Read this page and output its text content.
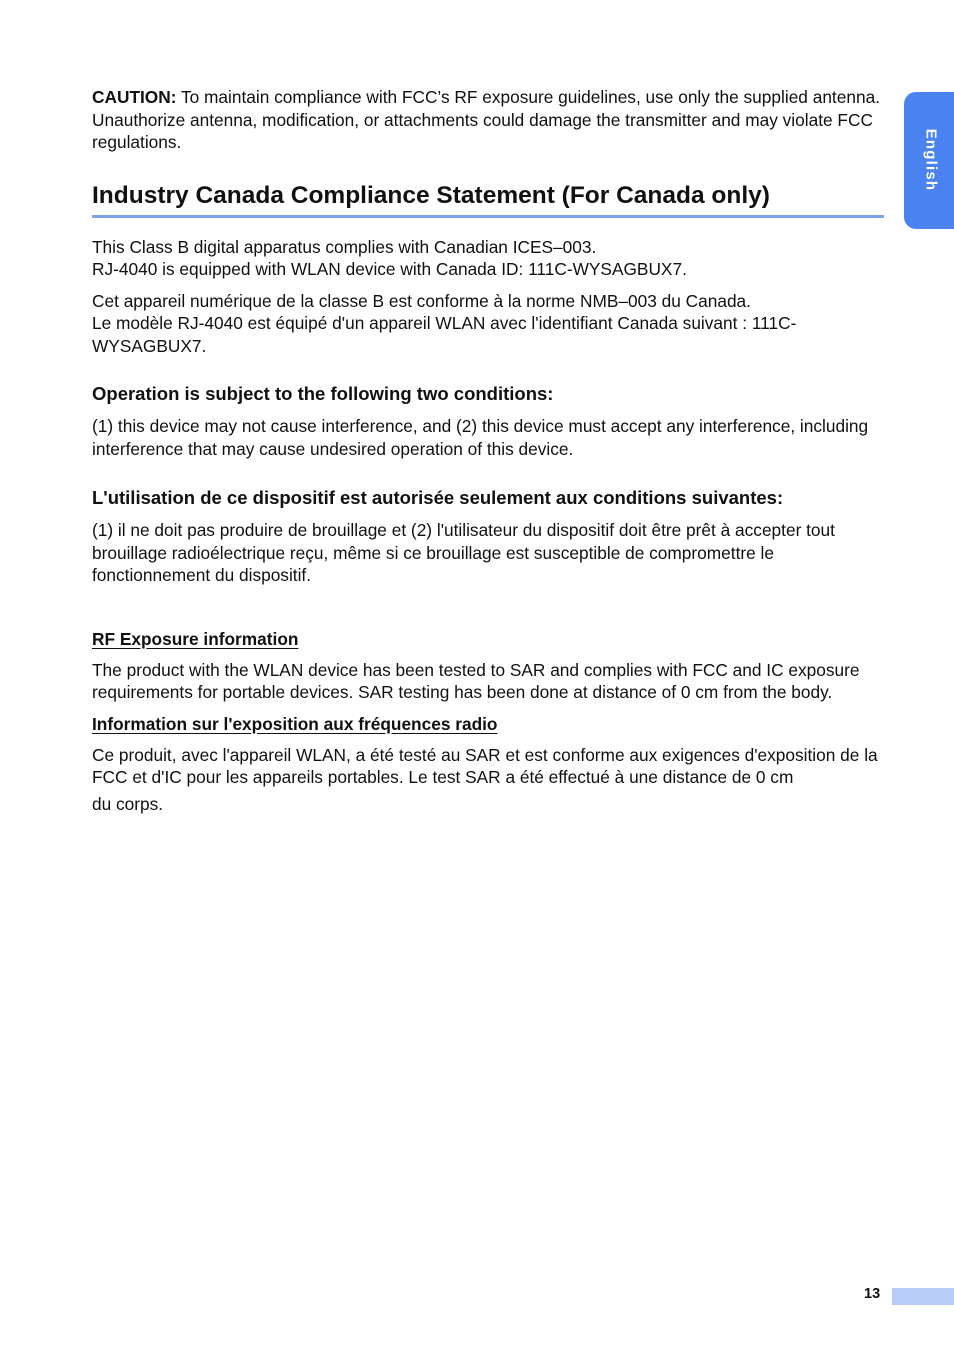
CAUTION: To maintain compliance with FCC’s RF exposure guidelines, use only the supplied antenna. Unauthorize antenna, modification, or attachments could damage the transmitter and may violate FCC regulations.

Industry Canada Compliance Statement (For Canada only)

This Class B digital apparatus complies with Canadian ICES–003.
RJ-4040 is equipped with WLAN device with Canada ID: 111C-WYSAGBUX7.

Cet appareil numérique de la classe B est conforme à la norme NMB–003 du Canada.
Le modèle RJ-4040 est équipé d'un appareil WLAN avec l'identifiant Canada suivant : 111C-WYSAGBUX7.

Operation is subject to the following two conditions:

(1) this device may not cause interference, and (2) this device must accept any interference, including interference that may cause undesired operation of this device.

L'utilisation de ce dispositif est autorisée seulement aux conditions suivantes:

(1) il ne doit pas produire de brouillage et (2) l'utilisateur du dispositif doit être prêt à accepter tout brouillage radioélectrique reçu, même si ce brouillage est susceptible de compromettre le fonctionnement du dispositif.

RF Exposure information

The product with the WLAN device has been tested to SAR and complies with FCC and IC exposure requirements for portable devices. SAR testing has been done at distance of 0 cm from the body.

Information sur l'exposition aux fréquences radio

Ce produit, avec l'appareil WLAN, a été testé au SAR et est conforme aux exigences d'exposition de la FCC et d'IC pour les appareils portables. Le test SAR a été effectué à une distance de 0 cm
du corps.

English
13
